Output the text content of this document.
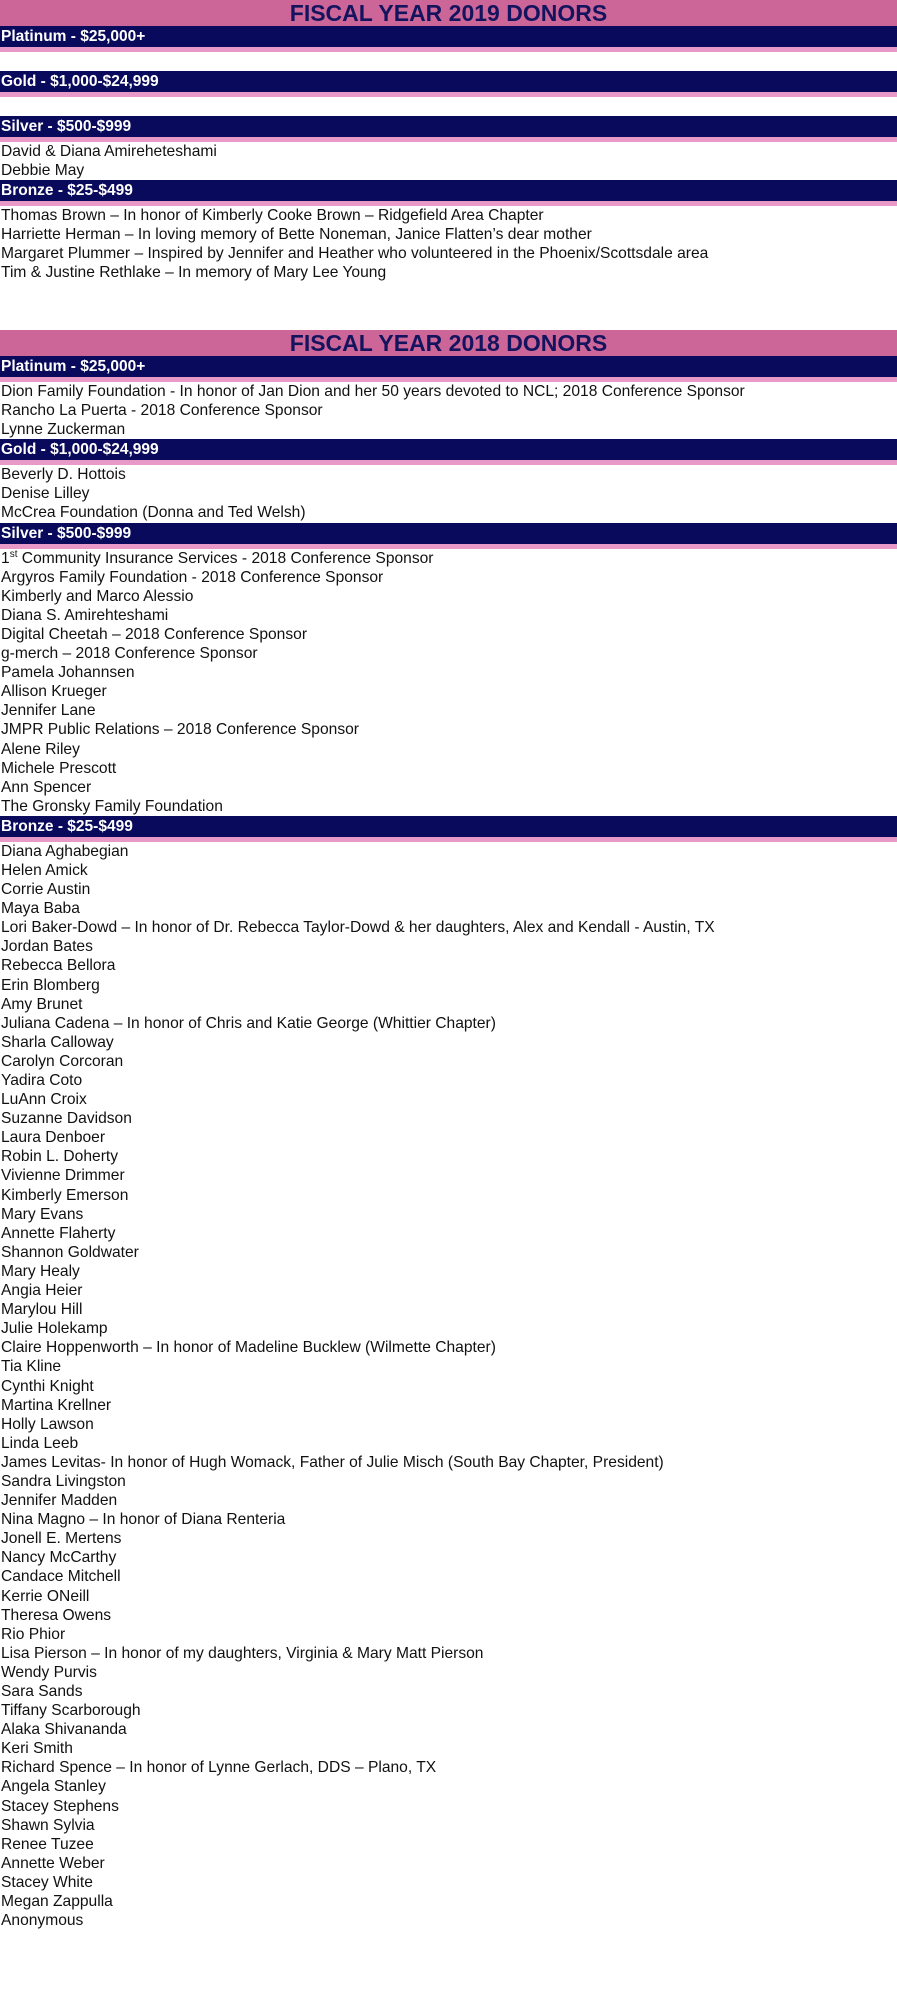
FISCAL YEAR 2019 DONORS
Platinum - $25,000+
Gold - $1,000-$24,999
Silver - $500-$999
David & Diana Amireheteshami
Debbie May
Bronze - $25-$499
Thomas Brown – In honor of Kimberly Cooke Brown – Ridgefield Area Chapter
Harriette Herman – In loving memory of Bette Noneman, Janice Flatten’s dear mother
Margaret Plummer – Inspired by Jennifer and Heather who volunteered in the Phoenix/Scottsdale area
Tim & Justine Rethlake – In memory of Mary Lee Young
FISCAL YEAR 2018 DONORS
Platinum - $25,000+
Dion Family Foundation - In honor of Jan Dion and her 50 years devoted to NCL; 2018 Conference Sponsor
Rancho La Puerta - 2018 Conference Sponsor
Lynne Zuckerman
Gold - $1,000-$24,999
Beverly D. Hottois
Denise Lilley
McCrea Foundation (Donna and Ted Welsh)
Silver - $500-$999
1st Community Insurance Services - 2018 Conference Sponsor
Argyros Family Foundation - 2018 Conference Sponsor
Kimberly and Marco Alessio
Diana S. Amirehteshami
Digital Cheetah – 2018 Conference Sponsor
g-merch – 2018 Conference Sponsor
Pamela Johannsen
Allison Krueger
Jennifer Lane
JMPR Public Relations – 2018 Conference Sponsor
Alene Riley
Michele Prescott
Ann Spencer
The Gronsky Family Foundation
Bronze - $25-$499
Diana Aghabegian
Helen Amick
Corrie Austin
Maya Baba
Lori Baker-Dowd – In honor of Dr. Rebecca Taylor-Dowd & her daughters, Alex and Kendall - Austin, TX
Jordan Bates
Rebecca Bellora
Erin Blomberg
Amy Brunet
Juliana Cadena – In honor of Chris and Katie George (Whittier Chapter)
Sharla Calloway
Carolyn Corcoran
Yadira Coto
LuAnn Croix
Suzanne Davidson
Laura Denboer
Robin L. Doherty
Vivienne Drimmer
Kimberly Emerson
Mary Evans
Annette Flaherty
Shannon Goldwater
Mary Healy
Angia Heier
Marylou Hill
Julie Holekamp
Claire Hoppenworth – In honor of Madeline Bucklew (Wilmette Chapter)
Tia Kline
Cynthi Knight
Martina Krellner
Holly Lawson
Linda Leeb
James Levitas- In honor of Hugh Womack, Father of Julie Misch (South Bay Chapter, President)
Sandra Livingston
Jennifer Madden
Nina Magno – In honor of Diana Renteria
Jonell E. Mertens
Nancy McCarthy
Candace Mitchell
Kerrie ONeill
Theresa Owens
Rio Phior
Lisa Pierson – In honor of my daughters, Virginia & Mary Matt Pierson
Wendy Purvis
Sara Sands
Tiffany Scarborough
Alaka Shivananda
Keri Smith
Richard Spence – In honor of Lynne Gerlach, DDS – Plano, TX
Angela Stanley
Stacey Stephens
Shawn Sylvia
Renee Tuzee
Annette Weber
Stacey White
Megan Zappulla
Anonymous
